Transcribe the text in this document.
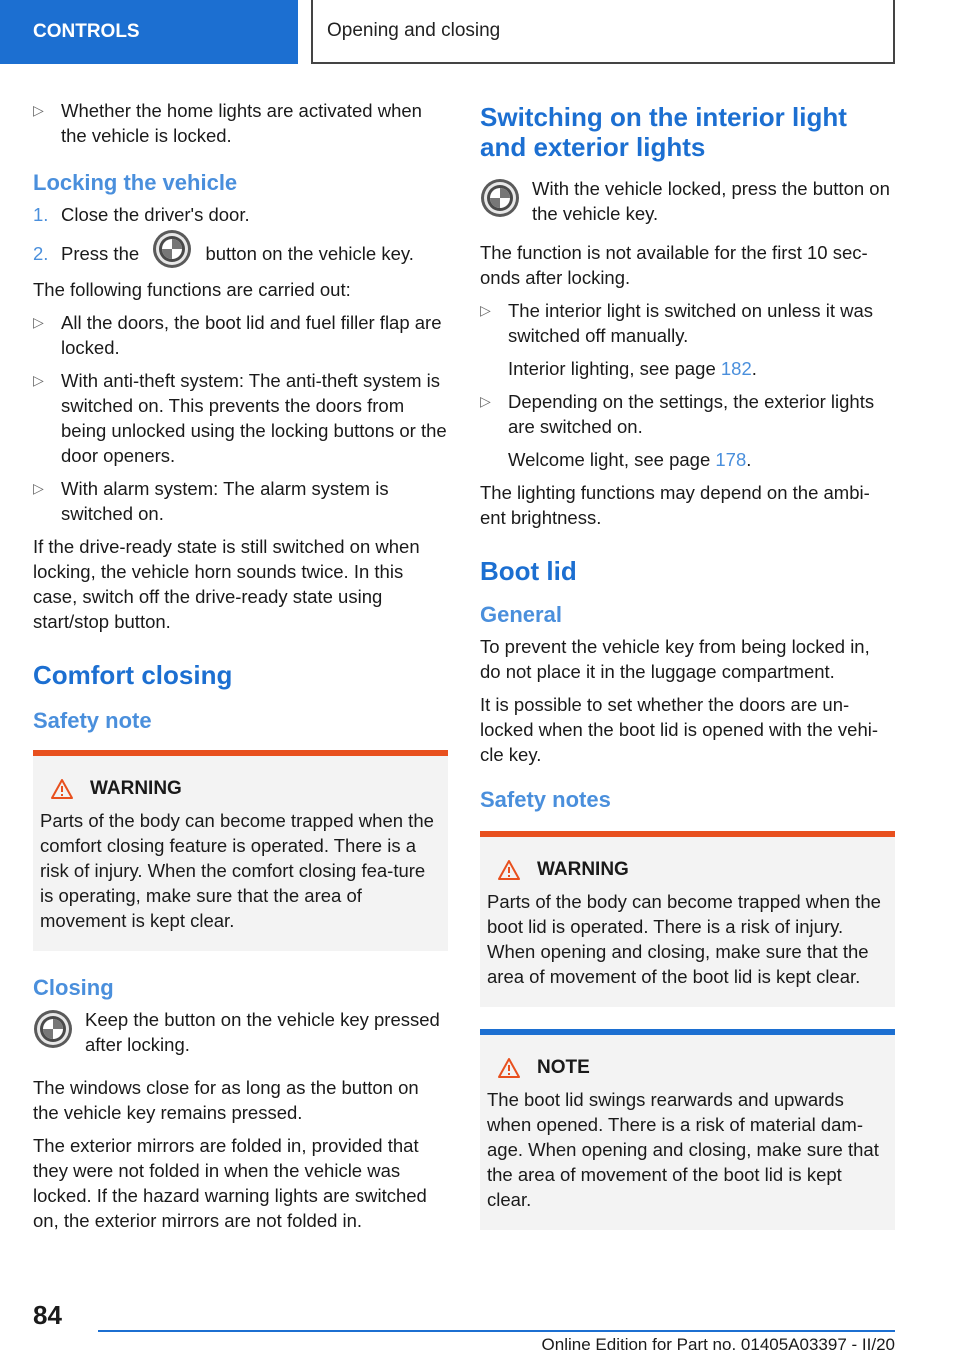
CONTROLS	Opening and closing

▷ Whether the home lights are activated when the vehicle is locked.

Locking the vehicle

1. Close the driver's door.

2. Press the	button on the vehicle key.

The following functions are carried out:

▷ All the doors, the boot lid and fuel filler flap are locked.

▷ With anti-theft system: The anti-theft system is switched on. This prevents the doors from being unlocked using the locking buttons or the door openers.

▷ With alarm system: The alarm system is switched on.

If the drive-ready state is still switched on when locking, the vehicle horn sounds twice. In this case, switch off the drive-ready state using start/stop button.

Comfort closing
Safety note
WARNING

Parts of the body can become trapped when the comfort closing feature is operated. There is a risk of injury. When the comfort closing fea-ture is operating, make sure that the area of movement is kept clear.

Closing

Keep the button on the vehicle key pressed after locking.

The windows close for as long as the button on the vehicle key remains pressed.

The exterior mirrors are folded in, provided that they were not folded in when the vehicle was locked. If the hazard warning lights are switched on, the exterior mirrors are not folded in.

Switching on the interior light and exterior lights

With the vehicle locked, press the button on the vehicle key.

The function is not available for the first 10 sec-onds after locking.

▷ The interior light is switched on unless it was switched off manually.

Interior lighting, see page 182.

▷ Depending on the settings, the exterior lights are switched on.

Welcome light, see page 178.

The lighting functions may depend on the ambi-ent brightness.

Boot lid
General

To prevent the vehicle key from being locked in, do not place it in the luggage compartment.

It is possible to set whether the doors are un-locked when the boot lid is opened with the vehi-cle key.

Safety notes
WARNING

Parts of the body can become trapped when the boot lid is operated. There is a risk of injury. When opening and closing, make sure that the area of movement of the boot lid is kept clear.

NOTE

The boot lid swings rearwards and upwards when opened. There is a risk of material dam-age. When opening and closing, make sure that the area of movement of the boot lid is kept clear.

84
Online Edition for Part no. 01405A03397 - II/20
